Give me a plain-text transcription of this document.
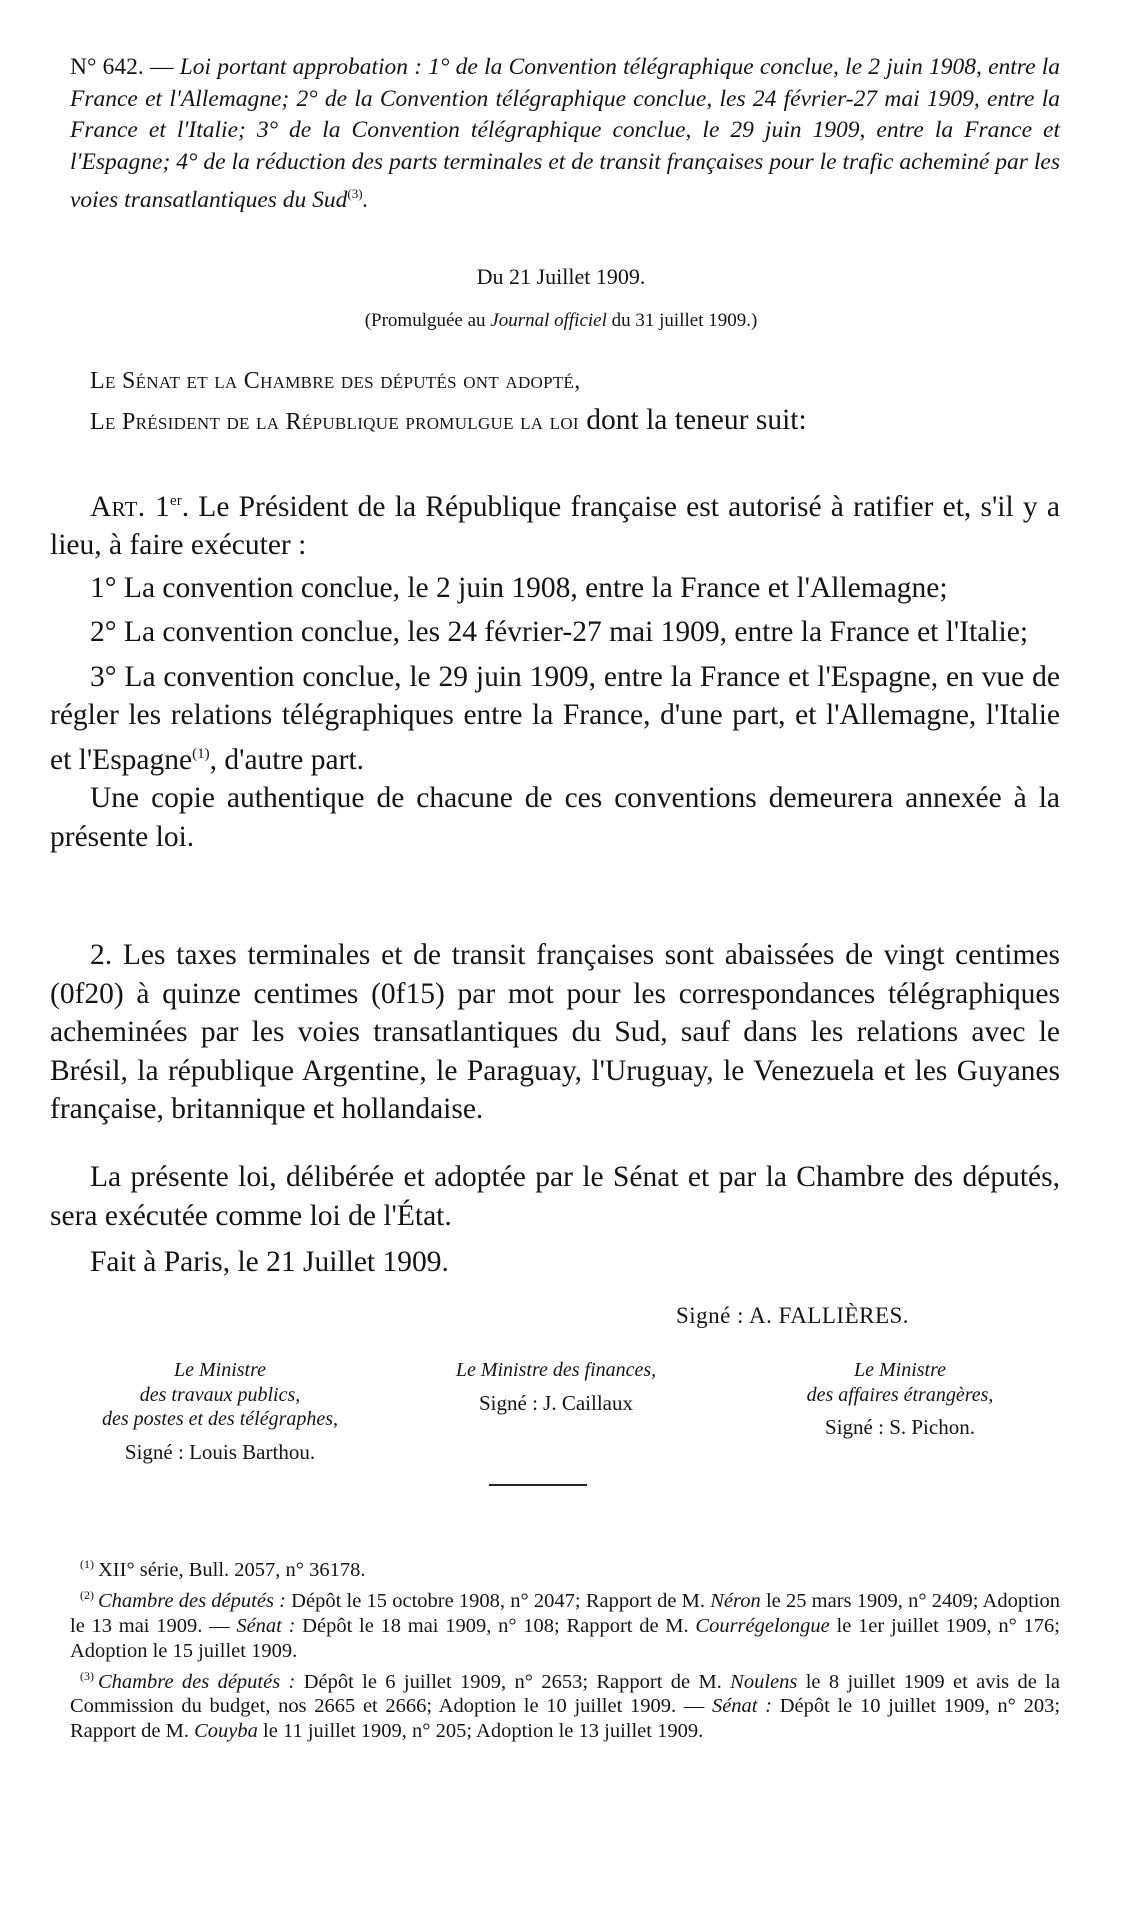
N° 642. — Loi portant approbation : 1° de la Convention télégraphique conclue, le 2 juin 1908, entre la France et l'Allemagne; 2° de la Convention télégraphique conclue, les 24 février-27 mai 1909, entre la France et l'Italie; 3° de la Convention télégraphique conclue, le 29 juin 1909, entre la France et l'Espagne; 4° de la réduction des parts terminales et de transit françaises pour le trafic acheminé par les voies transatlantiques du Sud$^{(3)}$.
Du 21 Juillet 1909.
(Promulguée au Journal officiel du 31 juillet 1909.)
Le Sénat et la Chambre des députés ont adopté,
Le Président de la République promulgue la loi dont la teneur suit:
Art. 1er. Le Président de la République française est autorisé à ratifier et, s'il y a lieu, à faire exécuter :
1° La convention conclue, le 2 juin 1908, entre la France et l'Allemagne;
2° La convention conclue, les 24 février-27 mai 1909, entre la France et l'Italie;
3° La convention conclue, le 29 juin 1909, entre la France et l'Espagne, en vue de régler les relations télégraphiques entre la France, d'une part, et l'Allemagne, l'Italie et l'Espagne$^{(1)}$, d'autre part.
Une copie authentique de chacune de ces conventions demeurera annexée à la présente loi.
2. Les taxes terminales et de transit françaises sont abaissées de vingt centimes (0f20) à quinze centimes (0f15) par mot pour les correspondances télégraphiques acheminées par les voies transatlantiques du Sud, sauf dans les relations avec le Brésil, la république Argentine, le Paraguay, l'Uruguay, le Venezuela et les Guyanes française, britannique et hollandaise.
La présente loi, délibérée et adoptée par le Sénat et par la Chambre des députés, sera exécutée comme loi de l'État.
Fait à Paris, le 21 Juillet 1909.
Signé : A. FALLIÈRES.
Le Ministre
des travaux publics,
des postes et des télégraphes,
Signé : Louis Barthou.
Le Ministre des finances,
Signé : J. Caillaux
Le Ministre
des affaires étrangères,
Signé : S. Pichon.

$^{(1)}$ XII° série, Bull. 2057, n° 36178.

$^{(2)}$ Chambre des députés : Dépôt le 15 octobre 1908, n° 2047; Rapport de M. Néron le 25 mars 1909, n° 2409; Adoption le 13 mai 1909. — Sénat : Dépôt le 18 mai 1909, n° 108; Rapport de M. Courrégelongue le 1er juillet 1909, n° 176; Adoption le 15 juillet 1909.

$^{(3)}$ Chambre des députés : Dépôt le 6 juillet 1909, n° 2653; Rapport de M. Noulens le 8 juillet 1909 et avis de la Commission du budget, nos 2665 et 2666; Adoption le 10 juillet 1909. — Sénat : Dépôt le 10 juillet 1909, n° 203; Rapport de M. Couyba le 11 juillet 1909, n° 205; Adoption le 13 juillet 1909.
